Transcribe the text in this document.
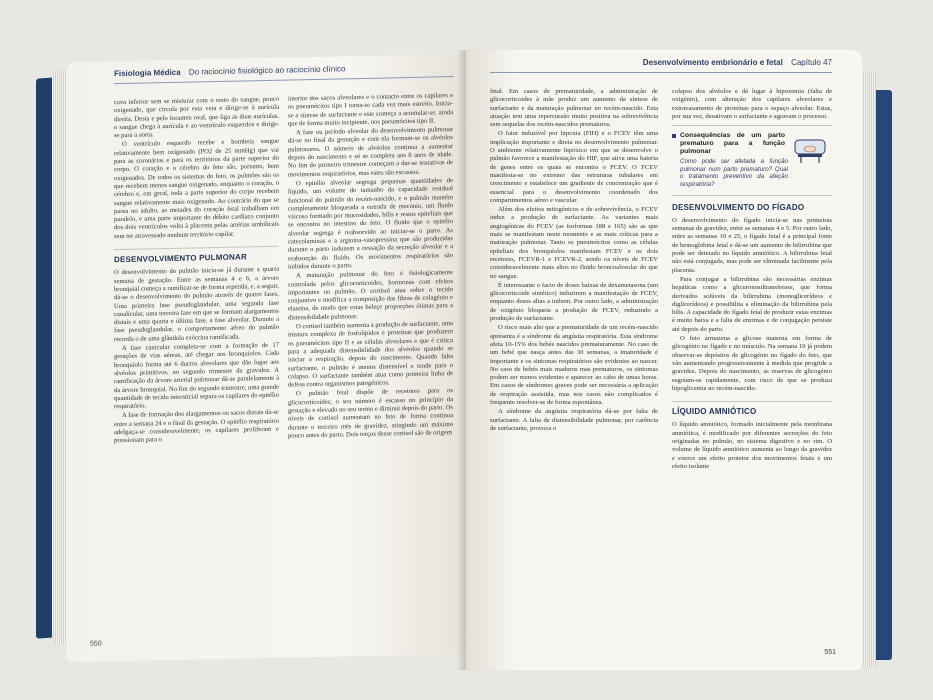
Fisiologia Médica Do raciocínio fisiológico ao raciocínio clínico

cava inferior sem se misturar com o resto do sangue, pouco oxigenado, que circula por esta veia e dirige-se à aurícula direita. Desta e pelo foramen oval, que liga as duas aurículas, o sangue chega à aurícula e ao ventrículo esquerdos e dirige-se para a aorta.

O ventrículo esquerdo recebe e bombeia sangue relativamente bem oxigenado (PO2 de 25 mmHg) que vai para as coronárias e para os territórios da parte superior do corpo. O coração e o cérebro do feto são, portanto, bem oxigenados. De todos os sistemas do feto, os pulmões são os que recebem menos sangue oxigenado, enquanto o coração, o cérebro e, em geral, toda a parte superior do corpo recebem sangue relativamente mais oxigenado. Ao contrário do que se passa no adulto, as metades do coração fetal trabalham em paralelo, e uma parte importante do débito cardíaco conjunto dos dois ventrículos volta à placenta pelas artérias umbilicais sem ter atravessado nenhum território capilar.

DESENVOLVIMENTO PULMONAR

O desenvolvimento do pulmão inicia-se já durante a quarta semana de gestação. Entre as semanas 4 e 6, a árvore bronquial começa a ramificar-se de forma repetida, e, a seguir, dá-se o desenvolvimento do pulmão através de quatro fases. Uma primeira fase pseudoglandular, uma segunda fase canalicular, uma terceira fase em que se formam alargamentos distais e uma quarta e última fase, a fase alveolar. Durante a fase pseudoglandular, o comportamento aéreo do pulmão recorda o de uma glândula exócrina ramificada.

A fase canicular completa-se com a formação de 17 gerações de vias aéreas, até chegar aos bronquíolos. Cada bronquíolo forma até 6 ductos alveolares que dão lugar aos alvéolos primitivos, no segundo trimestre da gravidez. A ramificação da árvore arterial pulmonar dá-se paralelamente à da árvore bronquial. No fim do segundo trimestre, uma grande quantidade de tecido intersticial separa os capilares do epitélio respiratório.

A fase de formação dos alargamentos ou sacos distais dá-se entre a semana 24 e o final da gestação. O epitélio respiratório adelgaça-se consideravelmente, os capilares proliferam e pressionam para o

interior dos sacos alveolares e o contacto entre os capilares e os pneumócitos tipo I torna-se cada vez mais estreito. Inicia-se a síntese de surfactante e este começa a acumular-se, ainda que de forma muito incipiente, nos pneumócitos tipo II.

A fase ou período alveolar do desenvolvimento pulmonar dá-se no final da gestação e com ela formam-se os alvéolos pulmonares. O número de alvéolos continua a aumentar depois do nascimento e só se completa aos 8 anos de idade. No fim do primeiro trimestre começam a dar-se tentativas de movimentos respiratórios, mas estes são escassos.

O epitélio alveolar segrega pequenas quantidades de líquido, um volume do tamanho da capacidade residual funcional do pulmão do recém-nascido, e o pulmão mantém completamente bloqueada a entrada de mecónio, um fluido viscoso formado por mucosidades, bilis e restos epiteliais que se encontra no intestino do feto. O fluido que o epitélio alveolar segrega é reabsorvido ao iniciar-se o parto. As catecolaminas e a arginina-vasopressina que são produzidas durante o parto induzem a cessação da secreção alveolar e a reabsorção do fluido. Os movimentos respiratórios são inibidos durante o parto.

A maturação pulmonar do feto é fisiologicamente controlada pelos glicocorticoides, hormonas com efeitos importantes no pulmão. O cortisol atua sobre o tecido conjuntivo e modifica a composição das fibras de colagénio e elastina, de modo que estas beleçe proporções ótimas para a distensibilidade pulmonar.

O cortisol também aumenta a produção de surfactante, uma mistura complexa de fosfolípidos e proteínas que produzem os pneumócitos tipo II e as células alveolares e que é crítica para a adequada distensibilidade dos alvéolos quando se iniciar a respiração, depois do nascimento. Quando falta surfactante, o pulmão é menos distensível e tende para o colapso. O surfactante também atua como primeira linha de defesa contra organismos patogénicos.

O pulmão fetal dispõe de recetores para os glicocorticoides; o seu número é escasso no princípio da gestação e elevado no seu termo e diminui depois do parto. Os níveis de cortisol aumentam no feto de forma contínua durante o terceiro mês de gravidez, atingindo um máximo pouco antes do parto. Dois terços desse cortisol são de origem

550
Desenvolvimento embrionário e fetal Capítulo 47

fetal. Em casos de prematuridade, a administração de glicocorticoides à mãe produz um aumento da síntese de surfactante e da maturação pulmonar no recém-nascido. Esta atuação tem uma repercussão muito positiva na sobrevivência sem sequelas dos recém-nascidos prematuros.

O fator induzível por hipoxia (FIH) e o FCEV têm uma implicação importante e direta no desenvolvimento pulmonar. O ambiente relativamente hipóxico em que se desenvolve o pulmão favorece a manifestação do HIF, que ativa uma bateria de genes entre os quais se encontra o FCEV. O FCEV manifesta-se no extremo das estruturas tubulares em crescimento e estabelece um gradiente de concentração que é essencial para o desenvolvimento coordenado dos compartimentos aéreo e vascular.

Além dos efeitos mitogénicos e de sobrevivência, o FCEV induz a produção de surfactante. As variantes mais angiogénicas do FCEV (as isoformas 188 e 165) são as que mais se manifestam neste momento e as mais críticas para a maturação pulmonar. Tanto os pneumócitos como as células epiteliais dos bronquíolos manifestam FCEV e os dois recetores, FCEVR-1 e FCEVR-2, sendo os níveis de FCEV consideravelmente mais altos no fluido broncoalveolar do que no sangue.

É interessante o facto de doses baixas de dexametasona (um glicocorticoide sintético) induzirem a manifestação de FCEV, enquanto doses altas a inibem. Por outro lado, a administração de oxigénio bloqueia a produção de FCEV, reduzindo a produção de surfactante.

O risco mais alto que a prematuridade de um recém-nascido apresenta é a síndrome da angústia respiratória. Esta síndrome afeta 10-15% dos bebés nascidos prematuramente. No caso de um bebé que nasça antes das 30 semanas, a imaturidade é importante e os sintomas respiratórios são evidentes ao nascer. No caso de bebés mais maduros mas prematuros, os sintomas podem ser menos evidentes e aparecer ao cabo de umas horas. Em casos de síndromes graves pode ser necessária a aplicação de respiração assistida, mas nos casos não complicados é frequente resolver-se de forma espontânea.

A síndrome da angústia respiratória dá-se por falta de surfactante. A falta de distensibilidade pulmonar, por carência de surfactante, provoca o

colapso dos alvéolos e dá lugar à hipoxemia (falta de oxigénio), com alteração dos capilares alveolares e extravasamento de proteínas para o espaço alveolar. Estas, por sua vez, desativam o surfactante e agravam o processo.

Consequências de um parto prematuro para a função pulmonar
Como pode ser afetada a função pulmonar num parto prematuro? Qual o tratamento preventivo da afeção respiratória?
DESENVOLVIMENTO DO FÍGADO

O desenvolvimento do fígado inicia-se nas primeiras semanas de gravidez, entre as semanas 4 e 5. Por outro lado, entre as semanas 10 e 25, o fígado fetal é a principal fonte de hemoglobina fetal e dá-se um aumento de bilirrubina que pode ser detetado no líquido amniótico. A bilirrubina fetal não está conjugada, mas pode ser eliminada facilmente pela placenta.

Para conjugar a bilirrubina são necessárias enzimas hepáticas como a glicuronosiltransferase, que forma derivados solúveis da bilirrubina (monoglicerídeos e diglicerídeos) e possibilita a eliminação da bilirrubina pela bílis. A capacidade do fígado fetal de produzir estas enzimas é muito baixa e a falta de enzimas e de conjugação persiste até depois do parto.

O feto armazena a glicose materna em forma de glicogénio no fígado e no músculo. Na semana 10 já podem observar-se depósitos de glicogénio no fígado do feto, que vão aumentando progressivamente à medida que progride a gravidez. Depois do nascimento, as reservas de glicogénio esgotam-se rapidamente, com risco de que se produza hipoglicemia no recém-nascido.

LÍQUIDO AMNIÓTICO

O líquido amniótico, formado inicialmente pela membrana amniótica, é modificado por diferentes secreções do feto originadas no pulmão, no sistema digestivo e no rim. O volume de líquido amniótico aumenta ao longo da gravidez e exerce um efeito protetor dos movimentos fetais e um efeito isolante

551
